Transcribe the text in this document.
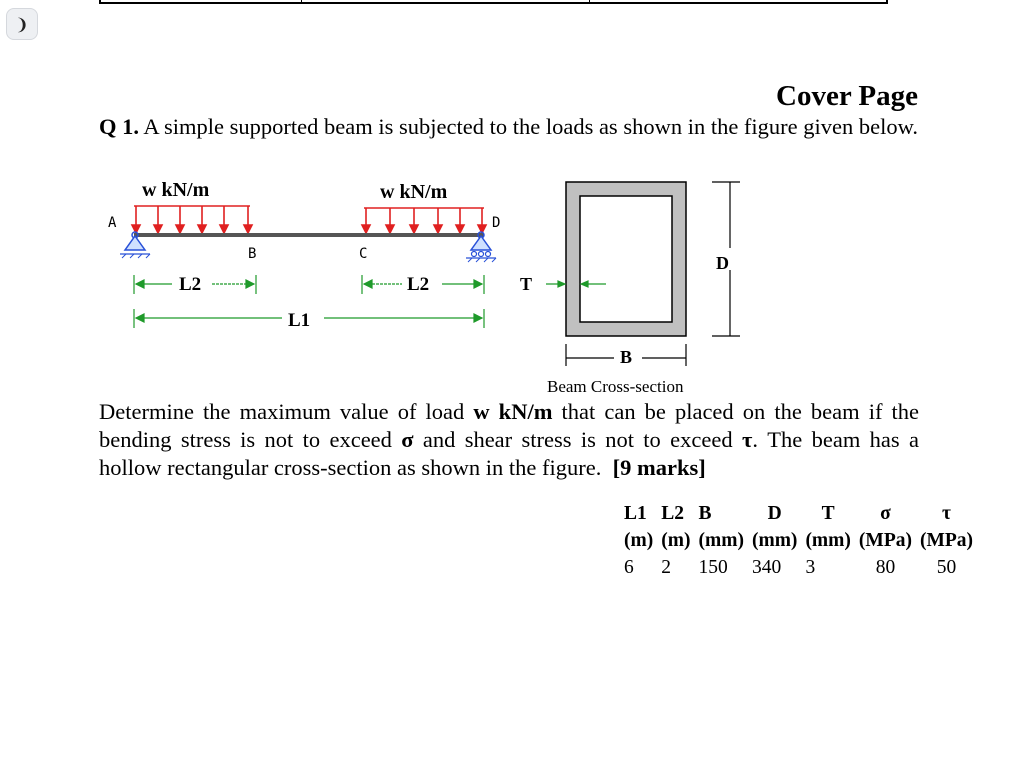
❩
Cover Page
Q 1. A simple supported beam is subjected to the loads as shown in the figure given below.
w kN/m	w kN/m
A	D
B	C
L2	L2
L1
T
D
B
Beam Cross-section
Determine the maximum value of load w kN/m that can be placed on the beam if the bending stress is not to exceed σ and shear stress is not to exceed τ. The beam has a hollow rectangular cross-section as shown in the figure. [9 marks]
L1	L2	B	D	T	σ	τ
(m)	(m)	(mm)	(mm)	(mm)	(MPa)	(MPa)
6	2	150	340	3	80	50
